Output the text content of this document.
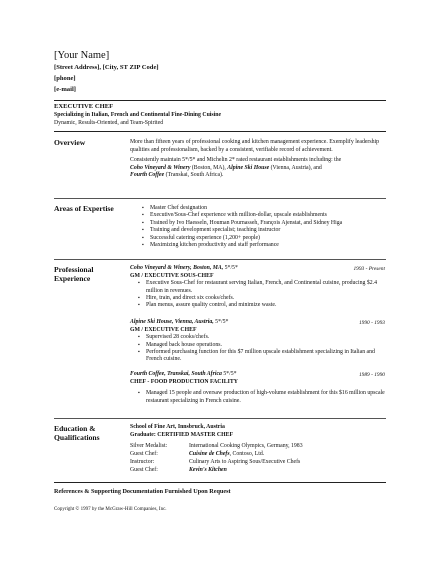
[Your Name]
[Street Address], [City, ST ZIP Code]
[phone]
[e-mail]
EXECUTIVE CHEF
Specializing in Italian, French and Continental Fine-Dining Cuisine
Dynamic, Results-Oriented, and Team-Spirited
Overview	More than fifteen years of professional cooking and kitchen management experience. Exemplify leadership qualities and professionalism, backed by a consistent, verifiable record of achievement.

Consistently maintain 5*/5* and Michelin 2* rated restaurant establishments including: the
Coho Vineyard & Winery (Boston, MA), Alpine Ski House (Vienna, Austria), and
Fourth Coffee (Transkai, South Africa).

Areas of Expertise
▪	Master Chef designation
▪ Executive/Sous-Chef experience with million-dollar, upscale establishments
▪ Trained by Ivo Haesseln, Houman Pournasseh, François Ajenstat, and Sidney Higa
▪ Training and development specialist; teaching instructor
▪ Successful catering experience (1,200+ people)
▪ Maximizing kitchen productivity and staff performance
Professional
Experience

Coho Vineyard & Winery, Boston, MA, 5*/5*

GM / EXECUTIVE SOUS-CHEF

▪ Executive Sous-Chef for restaurant serving Italian, French, and Continental cuisine, producing $2.4 million in revenues.
▪ Hire, train, and direct six cooks/chefs.
▪ Plan menus, assure quality control, and minimize waste.
1993 - Present

Alpine Ski House, Vienna, Austria, 5*/5*

GM / EXECUTIVE CHEF

▪ Supervised 28 cooks/chefs.
▪ Managed back house operations.
▪ Performed purchasing function for this $7 million upscale establishment specializing in Italian and French cuisine.
1990 - 1993

Fourth Coffee, Transkai, South Africa 5*/5*

CHEF - FOOD PRODUCTION FACILITY

▪ Managed 15 people and oversaw production of high-volume establishment for this $16 million upscale restaurant specializing in French cuisine.
1989 - 1990
Education &
Qualifications

School of Fine Art, Innsbruck, Austria

Graduate: CERTIFIED MASTER CHEF

Silver Medalist:	International Cooking Olympics, Germany, 1983
Guest Chef:	Cuisine de Chefs, Contoso, Ltd.
Instructor:	Culinary Arts to Aspiring Sous/Executive Chefs
Guest Chef:	Kevin's Kitchen
References & Supporting Documentation Furnished Upon Request
Copyright © 1997 by the McGraw-Hill Companies, Inc.
